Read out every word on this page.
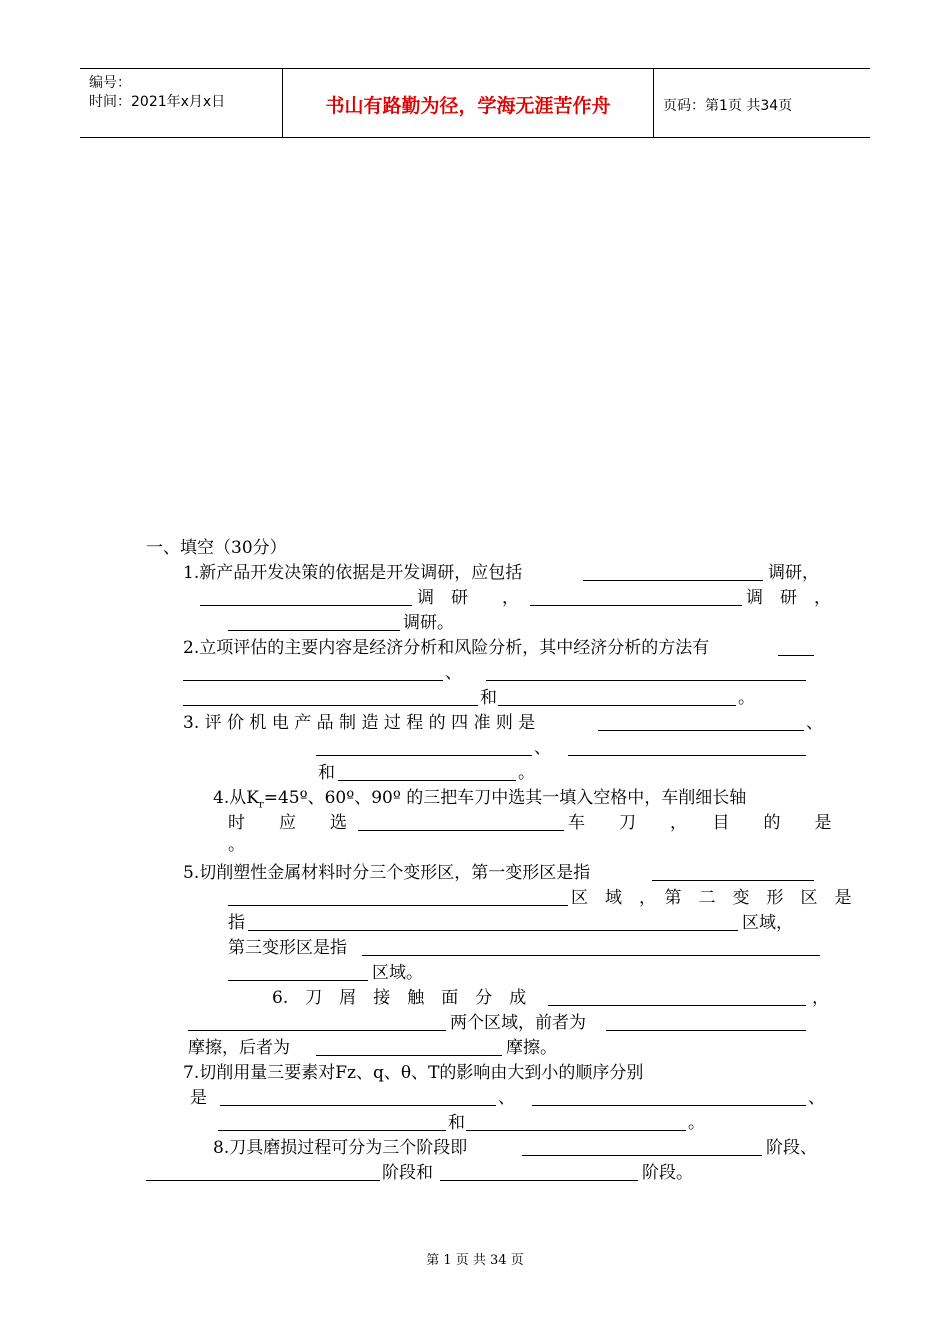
编号：
时间：2021年x月x日	书山有路勤为径，学海无涯苦作舟	页码：第1页 共34页
一、填空（30分）
1.新产品开发决策的依据是开发调研，应包括	调研，
调　研　　，	调　研　，
调研。
2.立项评估的主要内容是经济分析和风险分析，其中经济分析的方法有
、
和	。
3. 评 价 机 电 产 品 制 造 过 程 的 四 准 则 是	、
、
和	。
4.从$K_r=45º$、60º、90º 的三把车刀中选其一填入空格中，车削细长轴
时　　应　　选	车　　刀　　，　　目　　的　　是
。
5.切削塑性金属材料时分三个变形区，第一变形区是指
区　域　，　第　二　变　形　区　是
指	区域，
第三变形区是指
区域。
6.　刀　屑　接　触　面　分　成	，
两个区域，前者为
摩擦，后者为	摩擦。
7.切削用量三要素对Fz、q、θ、T的影响由大到小的顺序分别
是	、	、
和	。
8.刀具磨损过程可分为三个阶段即	阶段、
阶段和	阶段。
第 1 页 共 34 页
